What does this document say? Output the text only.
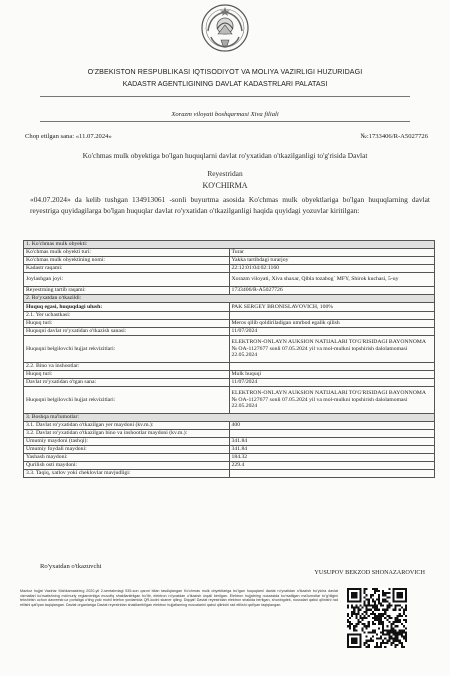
O'ZBEKISTON RESPUBLIKASI IQTISODIYOT VA MOLIYA VAZIRLIGI HUZURIDAGI
KADASTR AGENTLIGINING DAVLAT KADASTRLARI PALATASI
Xorazm viloyati boshqarmasi Xiva filiali
Chop etilgan sana: «11.07.2024»	№:1733406/R-A5027726
Ko'chmas mulk obyektiga bo'lgan huquqlarni davlat ro'yxatidan o'tkazilganligi to'g'risida Davlat
Reyestridan
KO'CHIRMA
«04.07.2024» da kelib tushgan 134913061 -sonli buyurtma asosida Ko'chmas mulk obyektlariga bo'lgan huquqlarning davlat reyestriga quyidagilarga bo'lgan huquqlar davlat ro'yxatidan o'tkazilganligi haqida quyidagi yozuvlar kiritilgan:
1. Ko'chmas mulk obyekti:	
Ko'chmas mulk obyekti turi:	Turar
Ko'chmas mulk obyektining nomi:	Yakka tartibdagi turarjoy
Kadastr raqami:	22:12:01:04:02:1160
Joylashgan joyi:	Xorazm viloyati, Xiva shaxar, Qibla tozabog` MFY, Shirok kuchasi, 5-uy
Reyestrning tartib raqami:	1733406/R-A5027726
2. Ro'yxatdan o'tkazildi:	
Huquq egasi, huquqdagi ulush:	PAK SERGEY BRONISLAVOVICH, 100%
2.1. Yer uchastkasi:	
Huquq turi:	Meros qilib qoldiriladigan umrbod egalik qilish
Huquqni davlat ro'yxatidan o'tkazish sanasi:	11/07/2024
Huquqni belgilovchi hujjat rekvizitlari:	ELEKTRON-ONLAYN AUKSION NATIJALARI TO'G'RISIDAGI BAYONNOMA № OA-1127677 sonli 07.05.2024 yil va mol-mulkni topshirish dalolatnomasi 22.05.2024
2.2. Bino va inshootlar:	
Huquq turi:	Mulk huquqi
Davlat ro'yxatidan o'tgan sana:	11/07/2024
Huquqni belgilovchi hujjat rekvizitlari:	ELEKTRON-ONLAYN AUKSION NATIJALARI TO'G'RISIDAGI BAYONNOMA № OA-1127677 sonli 07.05.2024 yil va mol-mulkni topshirish dalolatnomasi 22.05.2024
3. Boshqa ma'lumotlar:	
3.1. Davlat ro'yxatidan o'tkazilgan yer maydoni (kv.m.):	400
3.2. Davlat ro'yxatidan o'tkazilgan bino va inshootlar maydoni (kv.m.):	
Umumiy maydoni (tashqi):	341.84
Umumiy foydali maydoni:	341.84
Yashash maydoni:	184.32
Qurilish osti maydoni:	229.4
3.3. Taqiq, xatlov yoki cheklovlar mavjudligi:	
Ro'yxatdan o'tkazuvchi
YUSUPOV BEKZOD SHONAZAROVICH
Mazkur hujjat Vazirlar Mahkamasining 2020-yil 2-sentabrdagi 535-son qarori bilan tasdiqlangan Ko'chmas mulk obyektlariga bo'lgan huquqlarni davlat ro'yxatidan o'tkazish bo'yicha davlat xizmatlari ko'rsatishning ma'muriy reglamentiga muvofiq shakllantirilgan bo'lib, elektron ro'yxatdan o'tkazish orqali berilgan. Elektron hujjatning nusxasida ko'rsatilgan ma'lumotlar to'g'riligini tekshirish uchun davreestr.uz portaliga o'ting yoki mobil telefon yordamida QR-kodni skaner qiling. Diqqat! Davlat reyestridan elektron shaklda berilgan, shuningdek, nusxalari qabul qilinishi rad etilishi qat'iyan taqiqlangan. Davlat organlariga Davlat reyestridan shakllantirilgan elektron hujjatlarning nusxalarini qabul qilinishi rad etilishi qat'iyan taqiqlangan.
